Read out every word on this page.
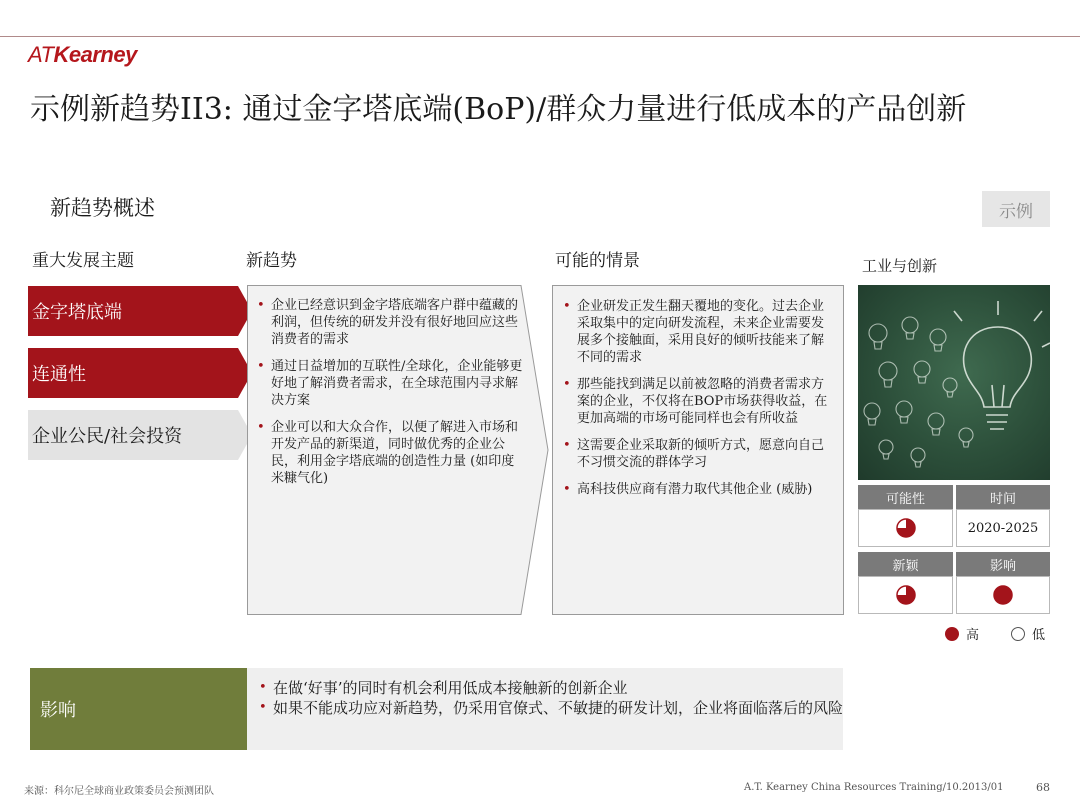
ATKearney
示例新趋势II3: 通过金字塔底端(BoP)/群众力量进行低成本的产品创新
新趋势概述	示例
重大发展主题	新趋势	可能的情景	工业与创新
金字塔底端
连通性
企业公民/社会投资
• 企业已经意识到金字塔底端客户群中蕴藏的利润，但传统的研发并没有很好地回应这些消费者的需求
• 通过日益增加的互联性/全球化，企业能够更好地了解消费者需求，在全球范围内寻求解决方案
• 企业可以和大众合作，以便了解进入市场和开发产品的新渠道，同时做优秀的企业公民，利用金字塔底端的创造性力量 (如印度米糠气化)
• 企业研发正发生翻天覆地的变化。过去企业采取集中的定向研发流程，未来企业需要发展多个接触面，采用良好的倾听技能来了解不同的需求
• 那些能找到满足以前被忽略的消费者需求方案的企业，不仅将在BOP市场获得收益，在更加高端的市场可能同样也会有所收益
• 这需要企业采取新的倾听方式，愿意向自己不习惯交流的群体学习
• 高科技供应商有潜力取代其他企业 (威胁)
可能性	时间
2020-2025
新颖	影响
高	低
影响
• 在做‘好事’的同时有机会利用低成本接触新的创新企业
• 如果不能成功应对新趋势，仍采用官僚式、不敏捷的研发计划，企业将面临落后的风险
来源：科尔尼全球商业政策委员会预测团队	A.T. Kearney China Resources Training/10.2013/01	68
